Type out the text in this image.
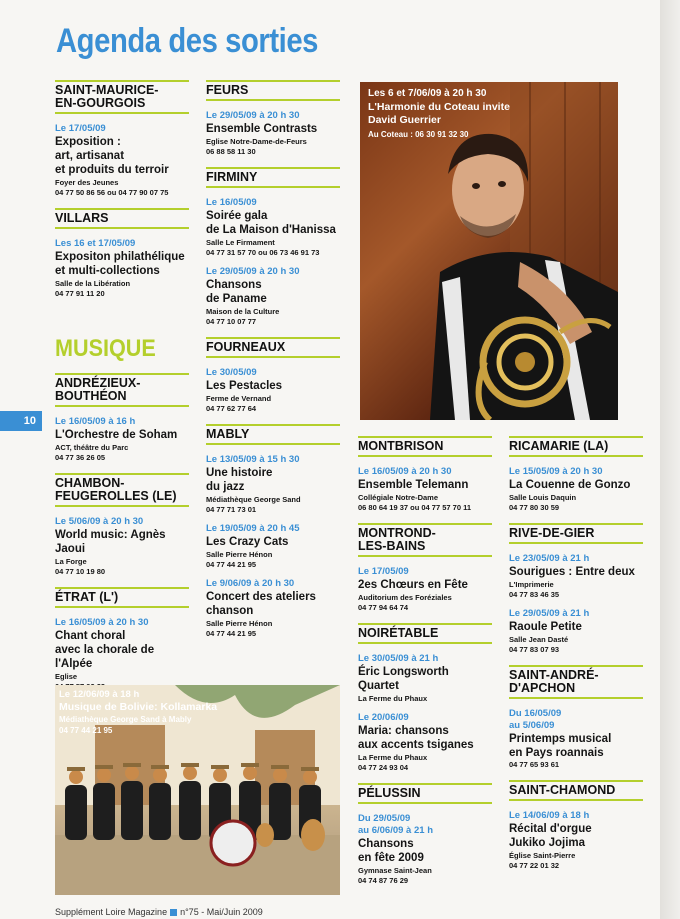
Agenda des sorties
SAINT-MAURICE-
EN-GOURGOIS
Le 17/05/09
Exposition :
art, artisanat
et produits du terroir
Foyer des Jeunes
04 77 50 86 56 ou 04 77 90 07 75
VILLARS
Les 16 et 17/05/09
Expositon philathélique
et multi-collections
Salle de la Libération
04 77 91 11 20
MUSIQUE
ANDRÉZIEUX-BOUTHÉON
Le 16/05/09 à 16 h
L'Orchestre de Soham
ACT, théâtre du Parc
04 77 36 26 05
CHAMBON-
FEUGEROLLES (LE)
Le 5/06/09 à 20 h 30
World music: Agnès Jaoui
La Forge
04 77 10 19 80
ÉTRAT (L')
Le 16/05/09 à 20 h 30
Chant choral
avec la chorale de l'Alpée
Eglise
FEURS
Le 29/05/09 à 20 h 30
Ensemble Contrasts
Eglise Notre-Dame-de-Feurs
06 88 58 11 30
FIRMINY
Le 16/05/09
Soirée gala
de La Maison d'Hanissa
Salle Le Firmament
04 77 31 57 70 ou 06 73 46 91 73
Le 29/05/09 à 20 h 30
Chansons
de Paname
Maison de la Culture
04 77 10 07 77
FOURNEAUX
Le 30/05/09
Les Pestacles
Ferme de Vernand
04 77 62 77 64
MABLY
Le 13/05/09 à 15 h 30
Une histoire
du jazz
Médiathèque George Sand
04 77 71 73 01
Le 19/05/09 à 20 h 45
Les Crazy Cats
Salle Pierre Hénon
04 77 44 21 95
Le 9/06/09 à 20 h 30
Concert des ateliers
chanson
Salle Pierre Hénon
04 77 44 21 95
MONTBRISON
Le 16/05/09 à 20 h 30
Ensemble Telemann
Collégiale Notre-Dame
06 80 64 19 37 ou 04 77 57 70 11
MONTROND-
LES-BAINS
Le 17/05/09
2es Chœurs en Fête
Auditorium des Foréziales
04 77 94 64 74
NOIRÉTABLE
Le 30/05/09 à 21 h
Éric Longsworth Quartet
La Ferme du Phaux
Le 20/06/09
Maria: chansons
aux accents tsiganes
La Ferme du Phaux
04 77 24 93 04
PÉLUSSIN
Du 29/05/09
au 6/06/09 à 21 h
Chansons
en fête 2009
Gymnase Saint-Jean
04 74 87 76 29
RICAMARIE (LA)
Le 15/05/09 à 20 h 30
La Couenne de Gonzo
Salle Louis Daquin
04 77 80 30 59
RIVE-DE-GIER
Le 23/05/09 à 21 h
Sourigues : Entre deux
L'Imprimerie
04 77 83 46 35
Le 29/05/09 à 21 h
Raoule Petite
Salle Jean Dasté
04 77 83 07 93
SAINT-ANDRÉ-
D'APCHON
Du 16/05/09
au 5/06/09
Printemps musical
en Pays roannais
04 77 65 93 61
SAINT-CHAMOND
Le 14/06/09 à 18 h
Récital d'orgue
Jukiko Jojima
Église Saint-Pierre
04 77 22 01 32
Les 6 et 7/06/09 à 20 h 30
L'Harmonie du Coteau invite
David Guerrier
Au Coteau : 06 30 91 32 30
Le 12/06/09 à 18 h
Musique de Bolivie: Kollamarka
Médiathèque George Sand à Mably
04 77 44 21 95
10
Supplément Loire Magazine n°75 - Mai/Juin 2009
